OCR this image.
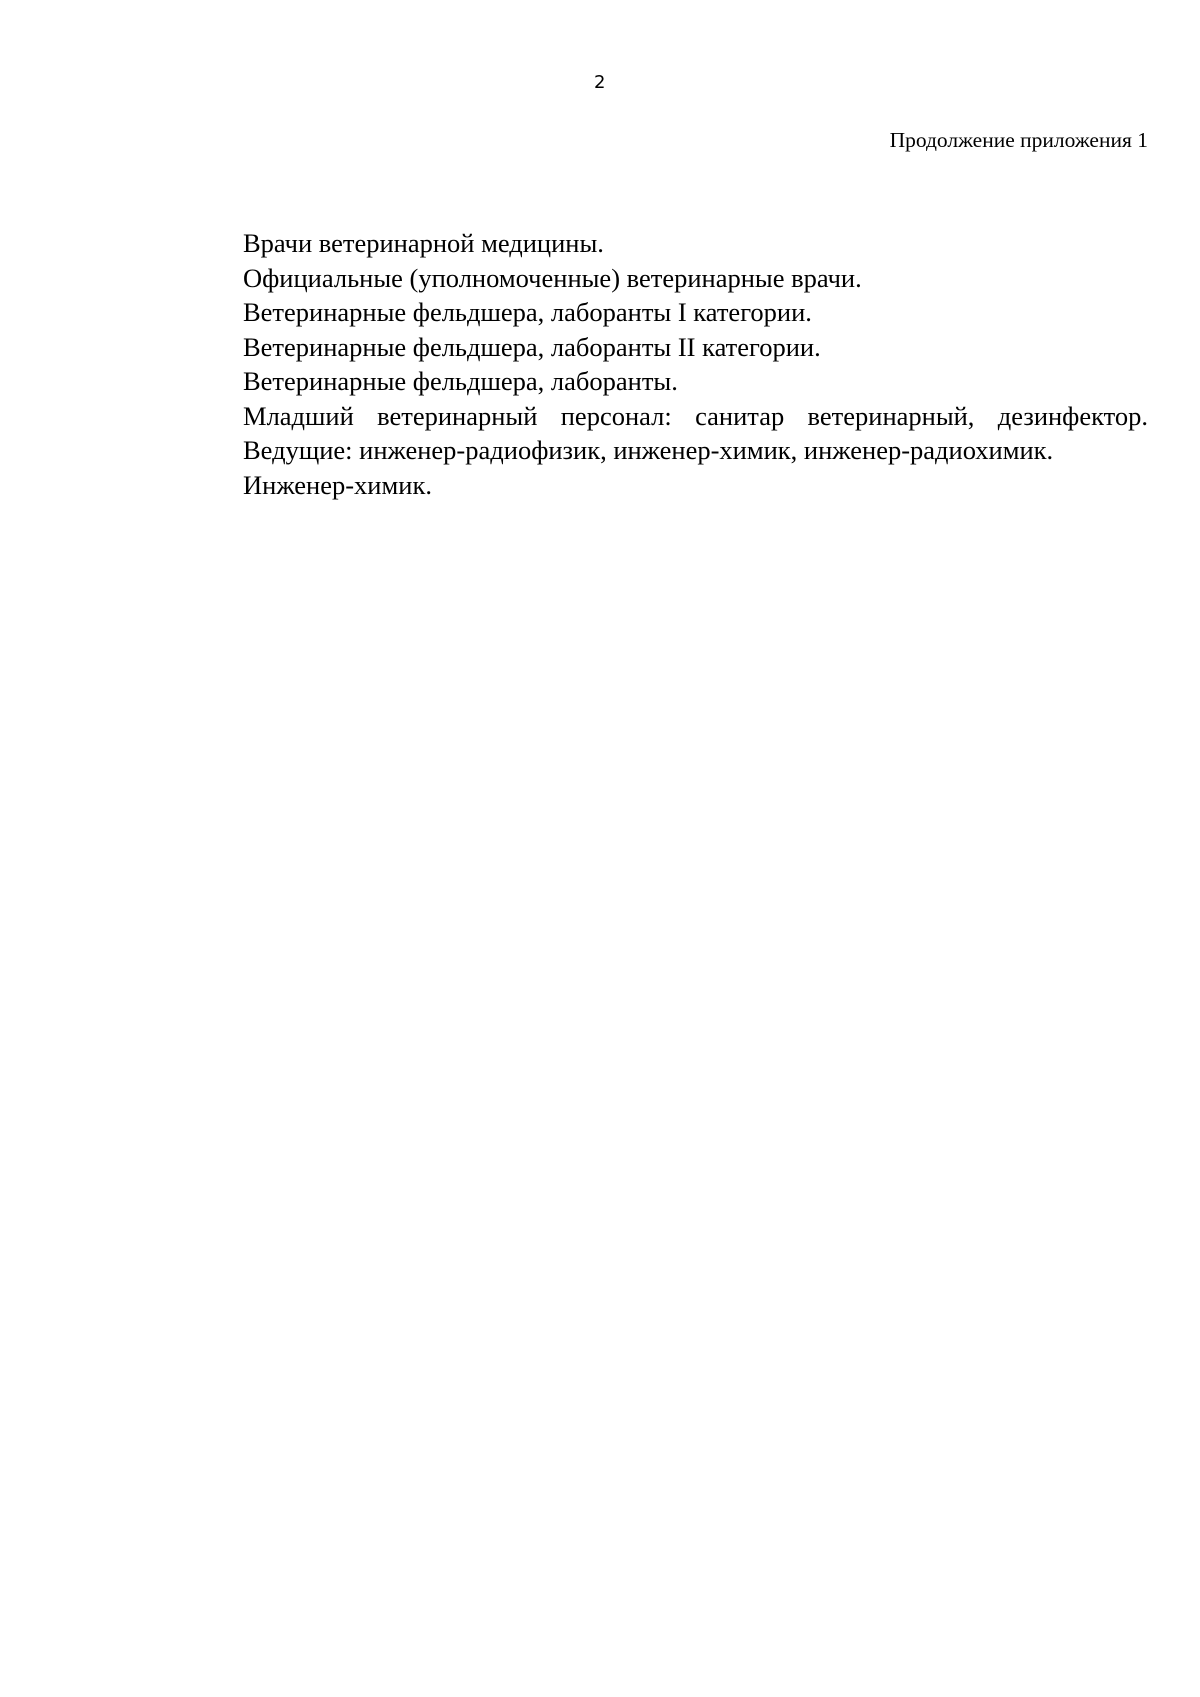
2
Продолжение приложения 1
Врачи ветеринарной медицины.
Официальные (уполномоченные) ветеринарные врачи.
Ветеринарные фельдшера, лаборанты I категории.
Ветеринарные фельдшера, лаборанты II категории.
Ветеринарные фельдшера, лаборанты.
Младший ветеринарный персонал: санитар ветеринарный, дезинфектор.
Ведущие: инженер-радиофизик, инженер-химик, инженер-радиохимик.
Инженер-химик.
